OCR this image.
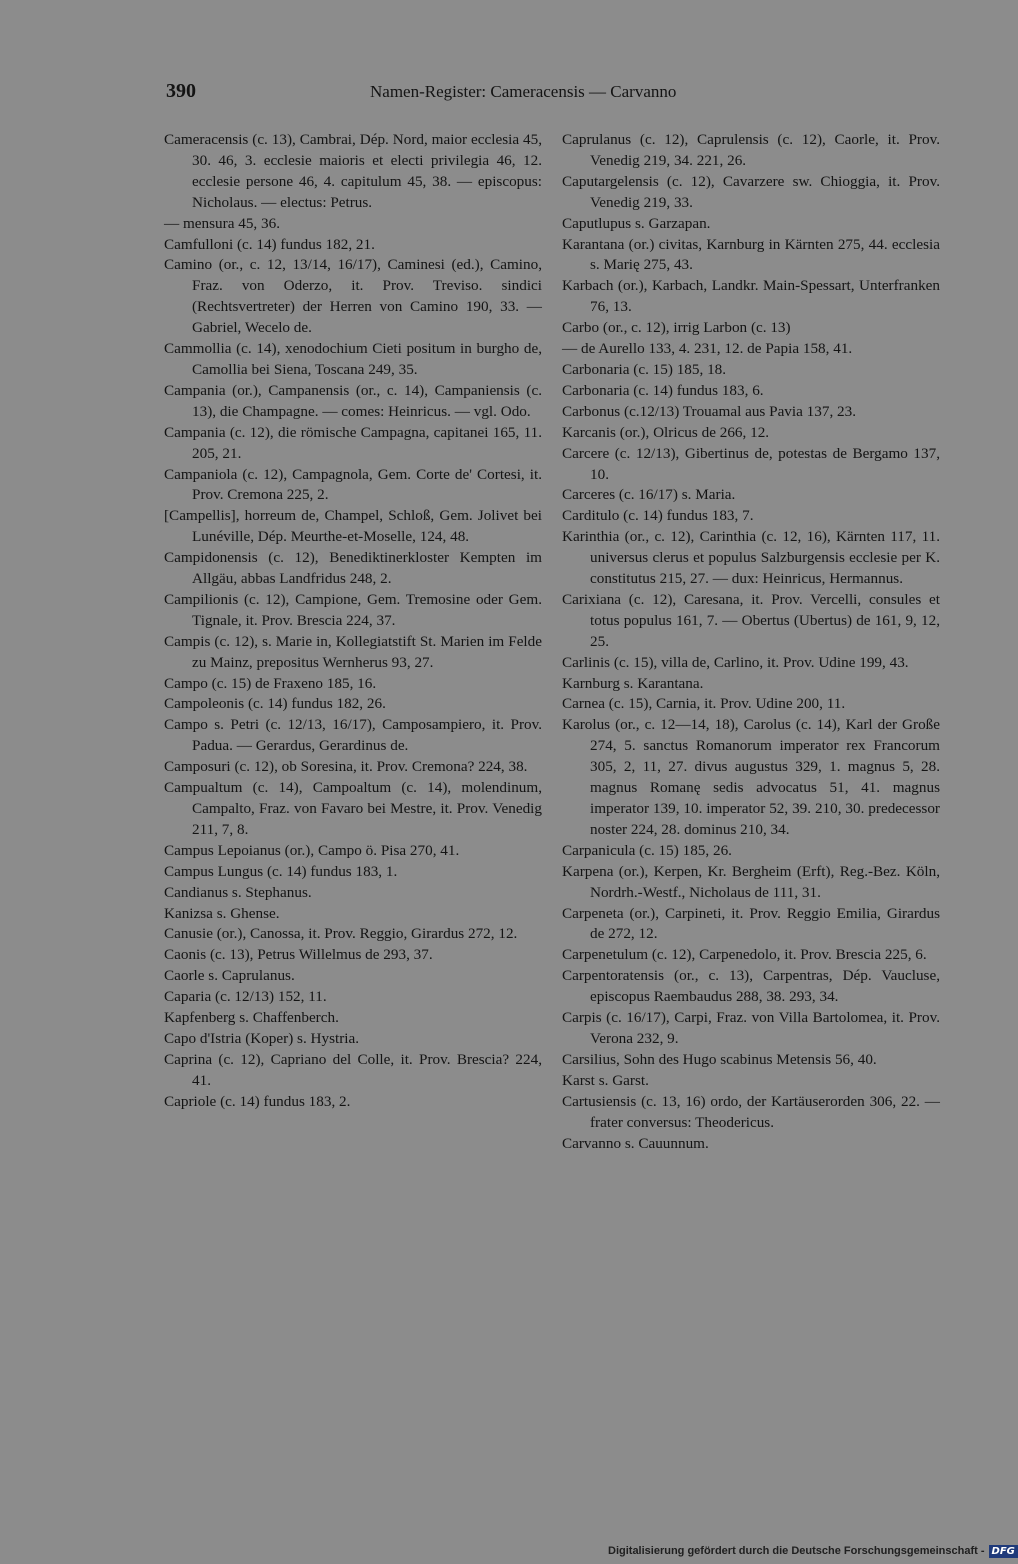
390	Namen-Register: Cameracensis — Carvanno

Cameracensis (c. 13), Cambrai, Dép. Nord, maior ecclesia 45, 30. 46, 3. ecclesie maioris et electi privilegia 46, 12. ecclesie persone 46, 4. capitulum 45, 38. — episcopus: Nicholaus. — electus: Petrus.

— mensura 45, 36.

Camfulloni (c. 14) fundus 182, 21.

Camino (or., c. 12, 13/14, 16/17), Caminesi (ed.), Camino, Fraz. von Oderzo, it. Prov. Treviso. sindici (Rechtsvertreter) der Herren von Camino 190, 33. — Gabriel, Wecelo de.

Cammollia (c. 14), xenodochium Cieti positum in burgho de, Camollia bei Siena, Toscana 249, 35.

Campania (or.), Campanensis (or., c. 14), Campaniensis (c. 13), die Champagne. — comes: Heinricus. — vgl. Odo.

Campania (c. 12), die römische Campagna, capitanei 165, 11. 205, 21.

Campaniola (c. 12), Campagnola, Gem. Corte de' Cortesi, it. Prov. Cremona 225, 2.

[Campellis], horreum de, Champel, Schloß, Gem. Jolivet bei Lunéville, Dép. Meurthe-et-Moselle, 124, 48.

Campidonensis (c. 12), Benediktinerkloster Kempten im Allgäu, abbas Landfridus 248, 2.

Campilionis (c. 12), Campione, Gem. Tremosine oder Gem. Tignale, it. Prov. Brescia 224, 37.

Campis (c. 12), s. Marie in, Kollegiatstift St. Marien im Felde zu Mainz, prepositus Wernherus 93, 27.

Campo (c. 15) de Fraxeno 185, 16.

Campoleonis (c. 14) fundus 182, 26.

Campo s. Petri (c. 12/13, 16/17), Camposampiero, it. Prov. Padua. — Gerardus, Gerardinus de.

Camposuri (c. 12), ob Soresina, it. Prov. Cremona? 224, 38.

Campualtum (c. 14), Campoaltum (c. 14), molendinum, Campalto, Fraz. von Favaro bei Mestre, it. Prov. Venedig 211, 7, 8.

Campus Lepoianus (or.), Campo ö. Pisa 270, 41.

Campus Lungus (c. 14) fundus 183, 1.

Candianus s. Stephanus.

Kanizsa s. Ghense.

Canusie (or.), Canossa, it. Prov. Reggio, Girardus 272, 12.

Caonis (c. 13), Petrus Willelmus de 293, 37.

Caorle s. Caprulanus.

Caparia (c. 12/13) 152, 11.

Kapfenberg s. Chaffenberch.

Capo d'Istria (Koper) s. Hystria.

Caprina (c. 12), Capriano del Colle, it. Prov. Brescia? 224, 41.

Capriole (c. 14) fundus 183, 2.

Caprulanus (c. 12), Caprulensis (c. 12), Caorle, it. Prov. Venedig 219, 34. 221, 26.

Caputargelensis (c. 12), Cavarzere sw. Chioggia, it. Prov. Venedig 219, 33.

Caputlupus s. Garzapan.

Karantana (or.) civitas, Karnburg in Kärnten 275, 44. ecclesia s. Marię 275, 43.

Karbach (or.), Karbach, Landkr. Main-Spessart, Unterfranken 76, 13.

Carbo (or., c. 12), irrig Larbon (c. 13)

— de Aurello 133, 4. 231, 12. de Papia 158, 41.

Carbonaria (c. 15) 185, 18.

Carbonaria (c. 14) fundus 183, 6.

Carbonus (c.12/13) Trouamal aus Pavia 137, 23.

Karcanis (or.), Olricus de 266, 12.

Carcere (c. 12/13), Gibertinus de, potestas de Bergamo 137, 10.

Carceres (c. 16/17) s. Maria.

Carditulo (c. 14) fundus 183, 7.

Karinthia (or., c. 12), Carinthia (c. 12, 16), Kärnten 117, 11. universus clerus et populus Salzburgensis ecclesie per K. constitutus 215, 27. — dux: Heinricus, Hermannus.

Carixiana (c. 12), Caresana, it. Prov. Vercelli, consules et totus populus 161, 7. — Obertus (Ubertus) de 161, 9, 12, 25.

Carlinis (c. 15), villa de, Carlino, it. Prov. Udine 199, 43.

Karnburg s. Karantana.

Carnea (c. 15), Carnia, it. Prov. Udine 200, 11.

Karolus (or., c. 12—14, 18), Carolus (c. 14), Karl der Große 274, 5. sanctus Romanorum imperator rex Francorum 305, 2, 11, 27. divus augustus 329, 1. magnus 5, 28. magnus Romanę sedis advocatus 51, 41. magnus imperator 139, 10. imperator 52, 39. 210, 30. predecessor noster 224, 28. dominus 210, 34.

Carpanicula (c. 15) 185, 26.

Karpena (or.), Kerpen, Kr. Bergheim (Erft), Reg.-Bez. Köln, Nordrh.-Westf., Nicholaus de 111, 31.

Carpeneta (or.), Carpineti, it. Prov. Reggio Emilia, Girardus de 272, 12.

Carpenetulum (c. 12), Carpenedolo, it. Prov. Brescia 225, 6.

Carpentoratensis (or., c. 13), Carpentras, Dép. Vaucluse, episcopus Raembaudus 288, 38. 293, 34.

Carpis (c. 16/17), Carpi, Fraz. von Villa Bartolomea, it. Prov. Verona 232, 9.

Carsilius, Sohn des Hugo scabinus Metensis 56, 40.

Karst s. Garst.

Cartusiensis (c. 13, 16) ordo, der Kartäuserorden 306, 22. — frater conversus: Theodericus.

Carvanno s. Cauunnum.

Digitalisierung gefördert durch die Deutsche Forschungsgemeinschaft - DFG
